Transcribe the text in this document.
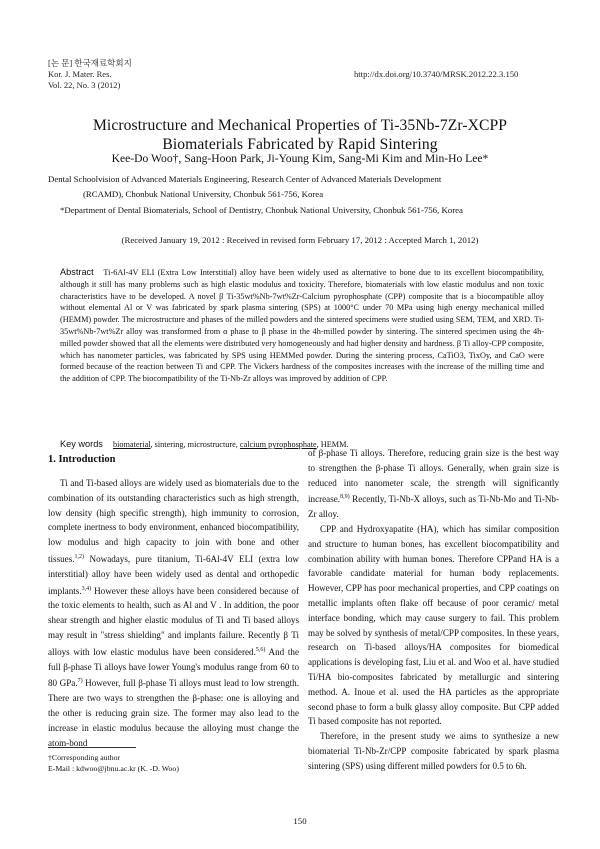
[논 문] 한국재료학회지
Kor. J. Mater. Res.
Vol. 22, No. 3 (2012)
http://dx.doi.org/10.3740/MRSK.2012.22.3.150
Microstructure and Mechanical Properties of Ti-35Nb-7Zr-XCPP
Biomaterials Fabricated by Rapid Sintering
Kee-Do Woo†, Sang-Hoon Park, Ji-Young Kim, Sang-Mi Kim and Min-Ho Lee*
Dental Schoolvision of Advanced Materials Engineering, Research Center of Advanced Materials Development
(RCAMD), Chonbuk National University, Chonbuk 561-756, Korea
*Department of Dental Biomaterials, School of Dentistry, Chonbuk National University, Chonbuk 561-756, Korea
(Received January 19, 2012 : Received in revised form February 17, 2012 : Accepted March 1, 2012)
Abstract Ti-6Al-4V ELI (Extra Low Interstitial) alloy have been widely used as alternative to bone due to its excellent biocompatibility, although it still has many problems such as high elastic modulus and toxicity. Therefore, biomaterials with low elastic modulus and non toxic characteristics have to be developed. A novel β Ti-35wt%Nb-7wt%Zr-Calcium pyrophosphate (CPP) composite that is a biocompatible alloy without elemental Al or V was fabricated by spark plasma sintering (SPS) at 1000°C under 70 MPa using high energy mechanical milled (HEMM) powder. The microstructure and phases of the milled powders and the sintered specimens were studied using SEM, TEM, and XRD. Ti-35wt%Nb-7wt%Zr alloy was transformed from α phase to β phase in the 4h-milled powder by sintering. The sintered specimen using the 4h-milled powder showed that all the elements were distributed very homogeneously and had higher density and hardness. β Ti alloy-CPP composite, which has nanometer particles, was fabricated by SPS using HEMMed powder. During the sintering process, CaTiO3, TixOy, and CaO were formed because of the reaction between Ti and CPP. The Vickers hardness of the composites increases with the increase of the milling time and the addition of CPP. The biocompatibility of the Ti-Nb-Zr alloys was improved by addition of CPP.
Key words biomaterial, sintering, microstructure, calcium pyrophosphate, HEMM.
1. Introduction

Ti and Ti-based alloys are widely used as biomaterials due to the combination of its outstanding characteristics such as high strength, low density (high specific strength), high immunity to corrosion, complete inertness to body environment, enhanced biocompatibility, low modulus and high capacity to join with bone and other tissues.$^{1,2)}$ Nowadays, pure titanium, Ti-6Al-4V ELI (extra low interstitial) alloy have been widely used as dental and orthopedic implants.$^{3,4)}$ However these alloys have been considered because of the toxic elements to health, such as Al and V . In addition, the poor shear strength and higher elastic modulus of Ti and Ti based alloys may result in "stress shielding" and implants failure. Recently β Ti alloys with low elastic modulus have been considered.$^{5,6)}$ And the full β-phase Ti alloys have lower Young's modulus range from 60 to 80 GPa.$^{7)}$ However, full β-phase Ti alloys must lead to low strength. There are two ways to strengthen the β-phase: one is alloying and the other is reducing grain size. The former may also lead to the increase in elastic modulus because the alloying must change the atom-bond

of β-phase Ti alloys. Therefore, reducing grain size is the best way to strengthen the β-phase Ti alloys. Generally, when grain size is reduced into nanometer scale, the strength will significantly increase.$^{8,9)}$ Recently, Ti-Nb-X alloys, such as Ti-Nb-Mo and Ti-Nb-Zr alloy.

CPP and Hydroxyapatite (HA), which has similar composition and structure to human bones, has excellent biocompatibility and combination ability with human bones. Therefore CPPand HA is a favorable candidate material for human body replacements. However, CPP has poor mechanical properties, and CPP coatings on metallic implants often flake off because of poor ceramic/ metal interface bonding, which may cause surgery to fail. This problem may be solved by synthesis of metal/CPP composites. In these years, research on Ti-based alloys/HA composites for biomedical applications is developing fast, Liu et al. and Woo et al. have studied Ti/HA bio-composites fabricated by metallurgic and sintering method. A. Inoue et al. used the HA particles as the appropriate second phase to form a bulk glassy alloy composite. But CPP added Ti based composite has not reported.

Therefore, in the present study we aims to synthesize a new biomaterial Ti-Nb-Zr/CPP composite fabricated by spark plasma sintering (SPS) using different milled powders for 0.5 to 6h.

†Corresponding author
E-Mail : kdwoo@jbnu.ac.kr (K. -D. Woo)
150
